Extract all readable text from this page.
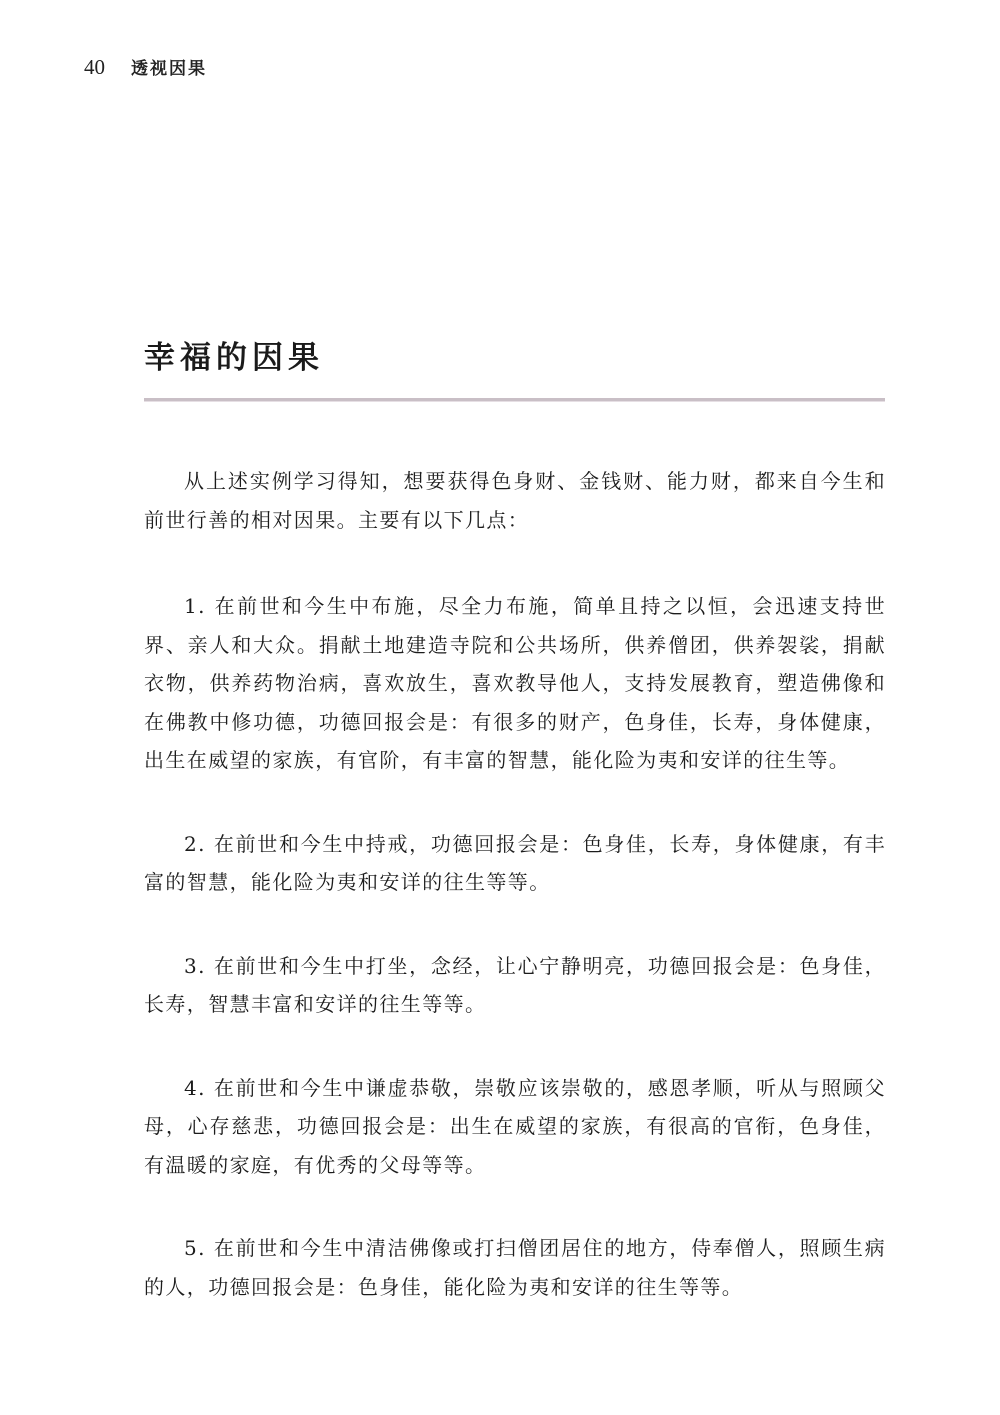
40 透视因果
幸福的因果

从上述实例学习得知，想要获得色身财、金钱财、能力财，都来自今生和前世行善的相对因果。主要有以下几点：

1. 在前世和今生中布施，尽全力布施，简单且持之以恒，会迅速支持世界、亲人和大众。捐献土地建造寺院和公共场所，供养僧团，供养袈裟，捐献衣物，供养药物治病，喜欢放生，喜欢教导他人，支持发展教育，塑造佛像和在佛教中修功德，功德回报会是：有很多的财产，色身佳，长寿，身体健康，出生在威望的家族，有官阶，有丰富的智慧，能化险为夷和安详的往生等。

2. 在前世和今生中持戒，功德回报会是：色身佳，长寿，身体健康，有丰富的智慧，能化险为夷和安详的往生等等。

3. 在前世和今生中打坐，念经，让心宁静明亮，功德回报会是：色身佳，长寿，智慧丰富和安详的往生等等。

4. 在前世和今生中谦虚恭敬，崇敬应该崇敬的，感恩孝顺，听从与照顾父母，心存慈悲，功德回报会是：出生在威望的家族，有很高的官衔，色身佳，有温暖的家庭，有优秀的父母等等。

5. 在前世和今生中清洁佛像或打扫僧团居住的地方，侍奉僧人，照顾生病的人，功德回报会是：色身佳，能化险为夷和安详的往生等等。
